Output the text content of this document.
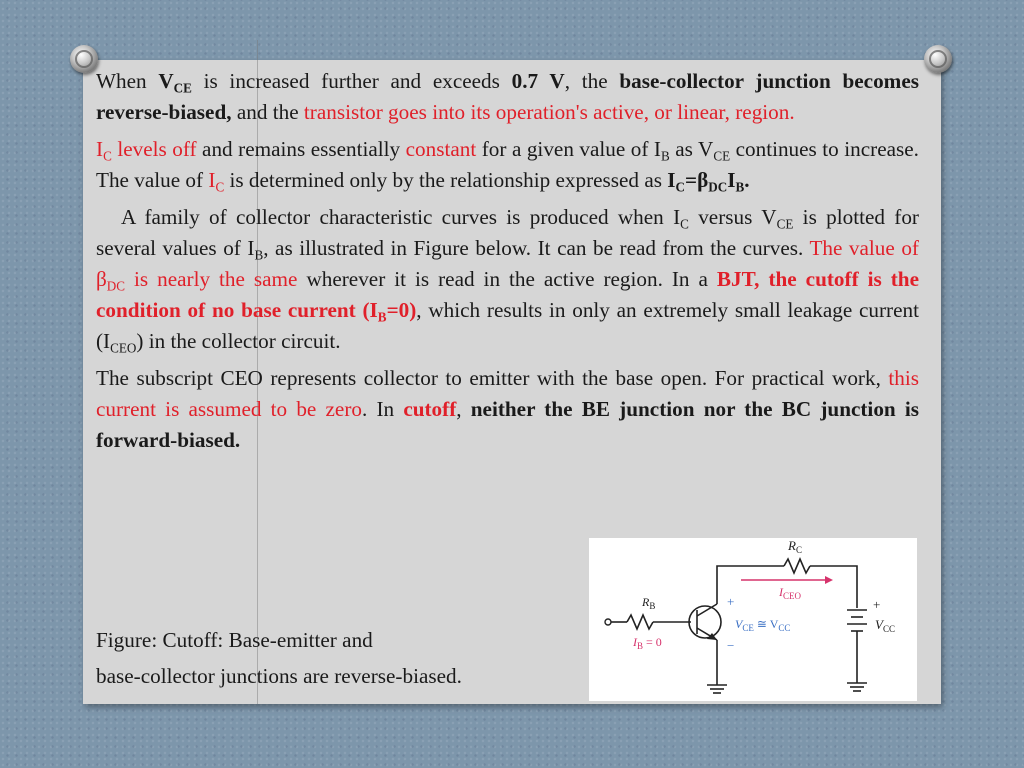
When $V_{CE}$ is increased further and exceeds 0.7 V, the base-collector junction becomes reverse-biased, and the transistor goes into its operation's active, or linear, region.

$I_C$ levels off and remains essentially constant for a given value of $I_B$ as $V_{CE}$ continues to increase. The value of $I_C$ is determined only by the relationship expressed as $I_C=\beta_{DC}I_B$.

A family of collector characteristic curves is produced when $I_C$ versus $V_{CE}$ is plotted for several values of $I_B$, as illustrated in Figure below. It can be read from the curves. The value of $\beta_{DC}$ is nearly the same wherever it is read in the active region. In a BJT, the cutoff is the condition of no base current $(I_B=0)$, which results in only an extremely small leakage current $(I_{CEO})$ in the collector circuit.

The subscript CEO represents collector to emitter with the base open. For practical work, this current is assumed to be zero. In cutoff, neither the BE junction nor the BC junction is forward-biased.

Figure: Cutoff: Base-emitter and

base-collector junctions are reverse-biased.

$R_C$
$I_{CEO}$
$R_B$
$I_B = 0$
+
−
$V_{CE}$ ≅ $V_{CC}$
+
$V_{CC}$
